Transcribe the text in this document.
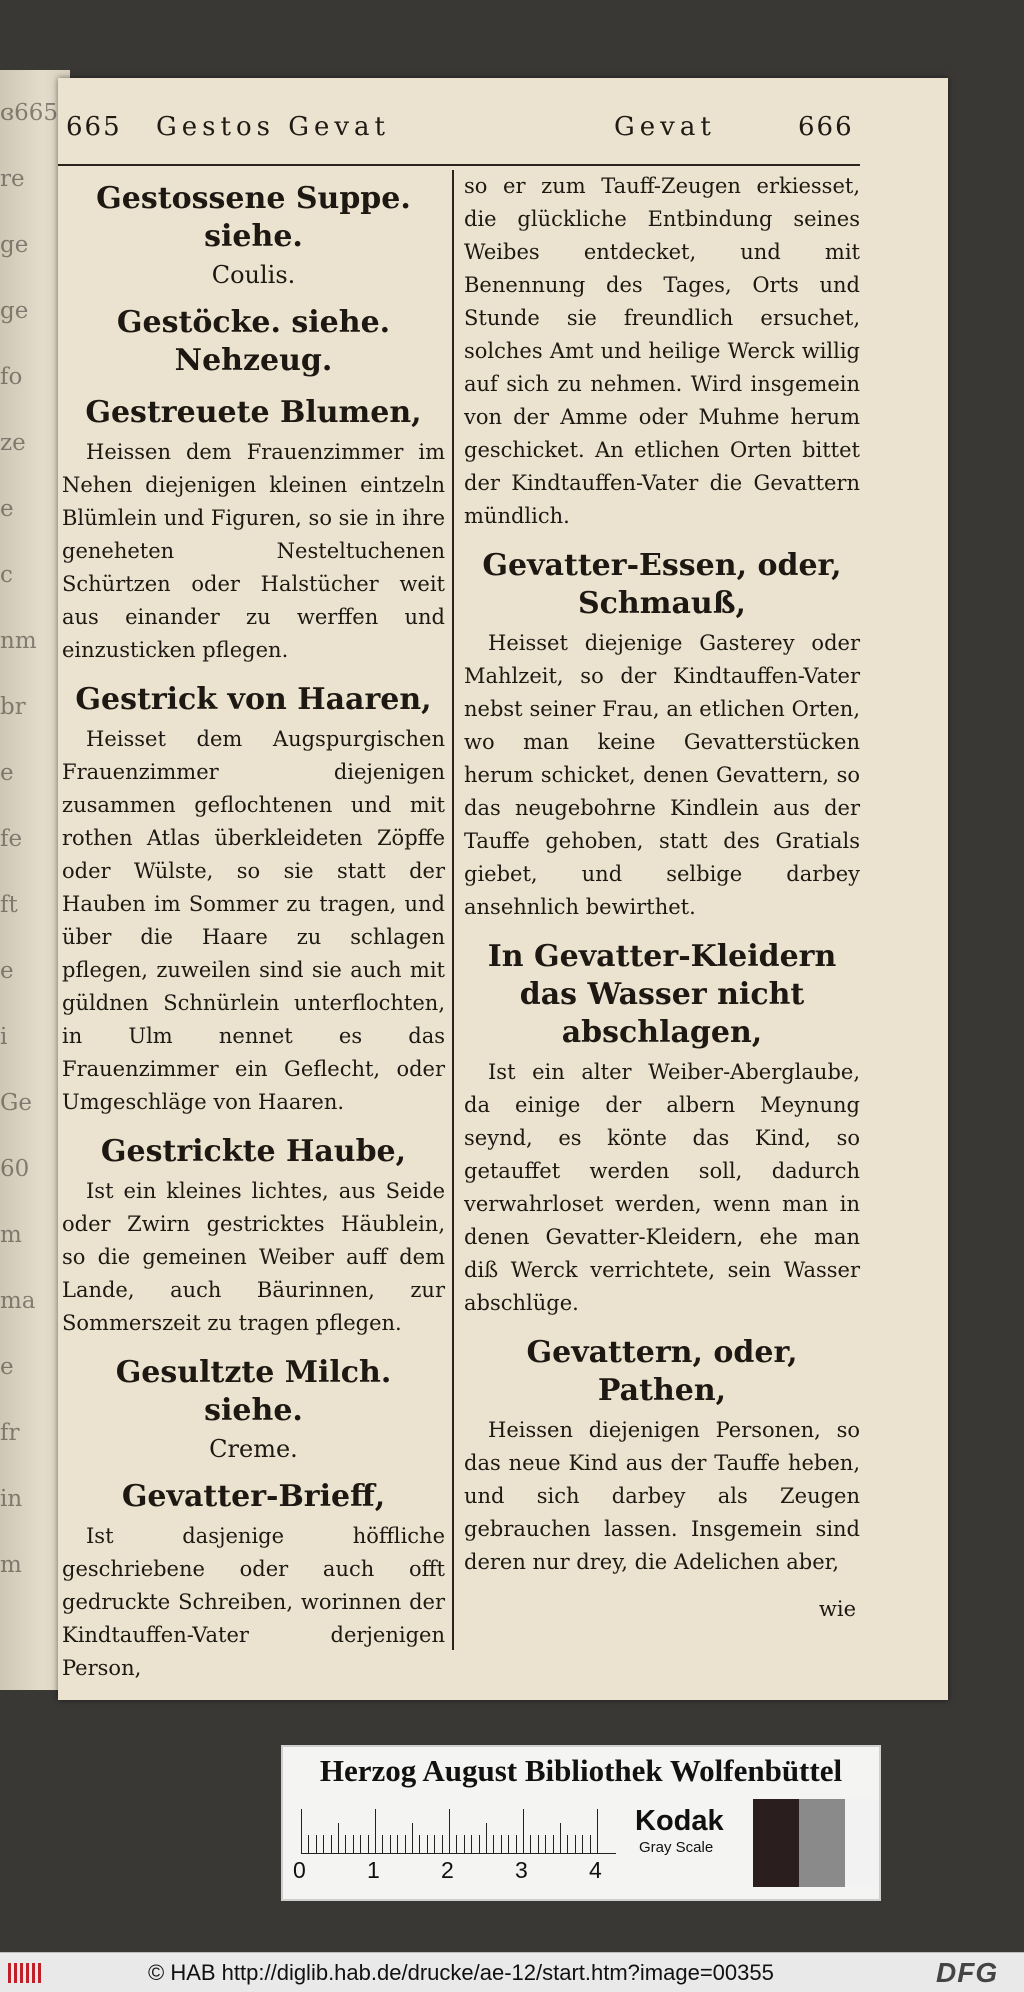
ɞ665
re
ge
ge
fo
ze
e
c
nm
br
e
fe
ft
e
i
Ge
60
m
ma
e
fr
in
m
665 Gestos Gevat	Gevat	666
Gestossene Suppe. siehe.
Coulis.
Gestöcke. siehe. Nehzeug.
Gestreuete Blumen,

Heissen dem Frauenzimmer im Nehen diejenigen kleinen eintzeln Blümlein und Figuren, so sie in ihre geneheten Nesteltuchenen Schürtzen oder Halstücher weit aus einander zu werffen und einzusticken pflegen.

Gestrick von Haaren,

Heisset dem Augspurgischen Frauenzimmer diejenigen zusammen geflochtenen und mit rothen Atlas überkleideten Zöpffe oder Wülste, so sie statt der Hauben im Sommer zu tragen, und über die Haare zu schlagen pflegen, zuweilen sind sie auch mit güldnen Schnürlein unterflochten, in Ulm nennet es das Frauenzimmer ein Geflecht, oder Umgeschläge von Haaren.

Gestrickte Haube,

Ist ein kleines lichtes, aus Seide oder Zwirn gestricktes Häublein, so die gemeinen Weiber auff dem Lande, auch Bäurinnen, zur Sommerszeit zu tragen pflegen.

Gesultzte Milch. siehe.
Creme.
Gevatter-Brieff,

Ist dasjenige höffliche geschriebene oder auch offt gedruckte Schreiben, worinnen der Kindtauffen-Vater derjenigen Person,

so er zum Tauff-Zeugen erkiesset, die glückliche Entbindung seines Weibes entdecket, und mit Benennung des Tages, Orts und Stunde sie freundlich ersuchet, solches Amt und heilige Werck willig auf sich zu nehmen. Wird insgemein von der Amme oder Muhme herum geschicket. An etlichen Orten bittet der Kindtauffen-Vater die Gevattern mündlich.

Gevatter-Essen, oder, Schmauß,

Heisset diejenige Gasterey oder Mahlzeit, so der Kindtauffen-Vater nebst seiner Frau, an etlichen Orten, wo man keine Gevatterstücken herum schicket, denen Gevattern, so das neugebohrne Kindlein aus der Tauffe gehoben, statt des Gratials giebet, und selbige darbey ansehnlich bewirthet.

In Gevatter-Kleidern das Wasser nicht abschlagen,

Ist ein alter Weiber-Aberglaube, da einige der albern Meynung seynd, es könte das Kind, so getauffet werden soll, dadurch verwahrloset werden, wenn man in denen Gevatter-Kleidern, ehe man diß Werck verrichtete, sein Wasser abschlüge.

Gevattern, oder, Pathen,

Heissen diejenigen Personen, so das neue Kind aus der Tauffe heben, und sich darbey als Zeugen gebrauchen lassen. Insgemein sind deren nur drey, die Adelichen aber,

wie
Herzog August Bibliothek Wolfenbüttel
0	1	2	3	4
Kodak
Gray Scale
© HAB http://diglib.hab.de/drucke/ae-12/start.htm?image=00355	DFG
